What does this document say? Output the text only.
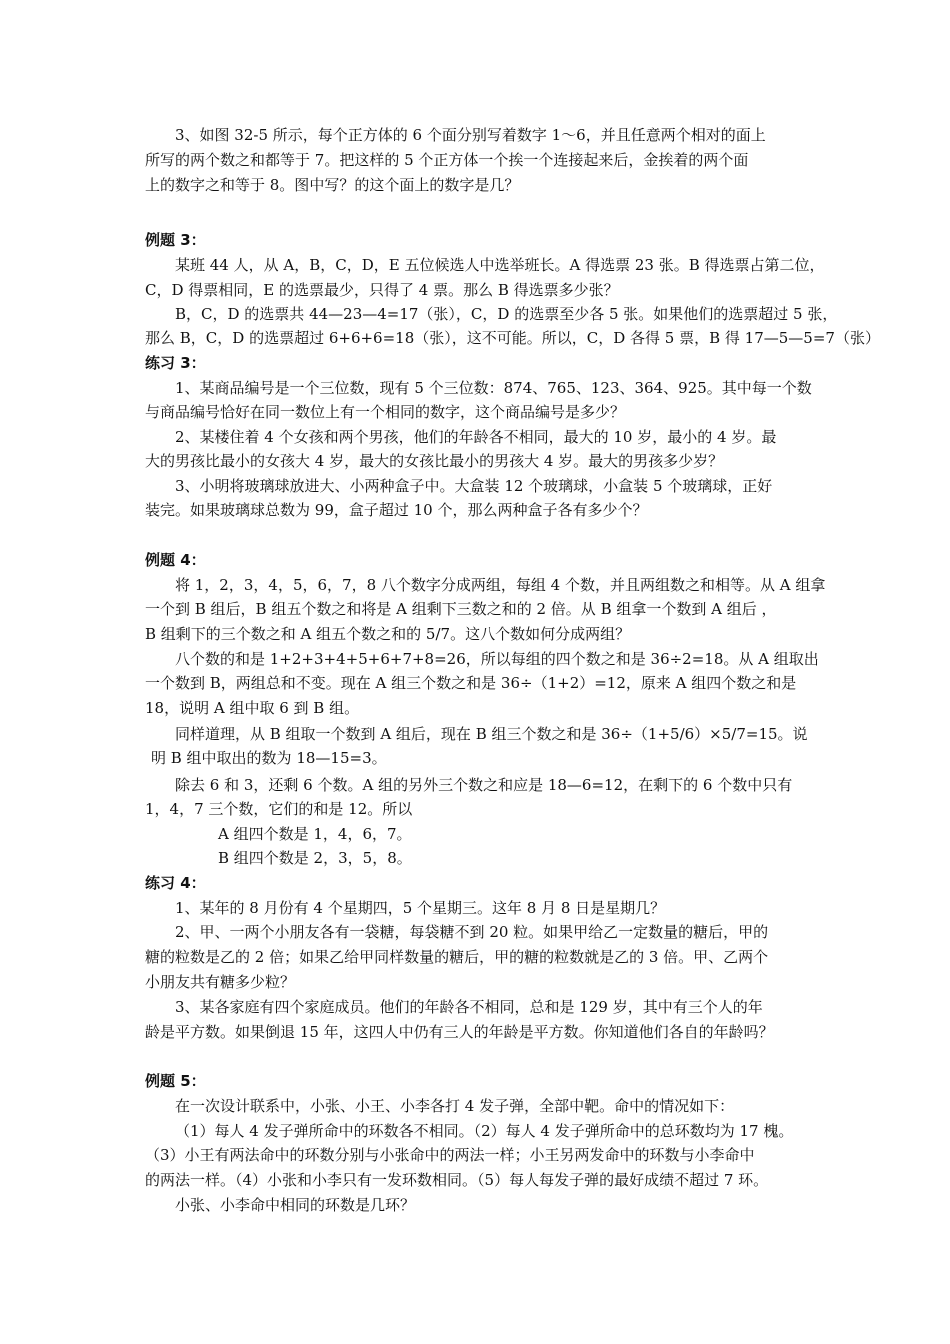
3、如图 32-5 所示，每个正方体的 6 个面分别写着数字 1～6，并且任意两个相对的面上
所写的两个数之和都等于 7。把这样的 5 个正方体一个挨一个连接起来后，金挨着的两个面
上的数字之和等于 8。图中写？的这个面上的数字是几？
例题 3：
某班 44 人，从 A，B，C，D，E 五位候选人中选举班长。A 得选票 23 张。B 得选票占第二位，
C，D 得票相同，E 的选票最少，只得了 4 票。那么 B 得选票多少张？
B，C，D 的选票共 44—23—4=17（张），C，D 的选票至少各 5 张。如果他们的选票超过 5 张，
那么 B，C，D 的选票超过 6+6+6=18（张），这不可能。所以，C，D 各得 5 票，B 得 17—5—5=7（张）
练习 3：
1、某商品编号是一个三位数，现有 5 个三位数：874、765、123、364、925。其中每一个数
与商品编号恰好在同一数位上有一个相同的数字，这个商品编号是多少？
2、某楼住着 4 个女孩和两个男孩，他们的年龄各不相同，最大的 10 岁，最小的 4 岁。最
大的男孩比最小的女孩大 4 岁，最大的女孩比最小的男孩大 4 岁。最大的男孩多少岁？
3、小明将玻璃球放进大、小两种盒子中。大盒装 12 个玻璃球，小盒装 5 个玻璃球，正好
装完。如果玻璃球总数为 99，盒子超过 10 个，那么两种盒子各有多少个？
例题 4：
将 1，2，3，4，5，6，7，8 八个数字分成两组，每组 4 个数，并且两组数之和相等。从 A 组拿
一个到 B 组后，B 组五个数之和将是 A 组剩下三数之和的 2 倍。从 B 组拿一个数到 A 组后 ，
B 组剩下的三个数之和 A 组五个数之和的 5/7。这八个数如何分成两组？
八个数的和是 1+2+3+4+5+6+7+8=26，所以每组的四个数之和是 36÷2=18。从 A 组取出
一个数到 B，两组总和不变。现在 A 组三个数之和是 36÷（1+2）=12，原来 A 组四个数之和是
18，说明 A 组中取 6 到 B 组。
同样道理，从 B 组取一个数到 A 组后，现在 B 组三个数之和是 36÷（1+5/6）×5/7=15。说
明 B 组中取出的数为 18—15=3。
除去 6 和 3，还剩 6 个数。A 组的另外三个数之和应是 18—6=12，在剩下的 6 个数中只有
1，4，7 三个数，它们的和是 12。所以
A 组四个数是 1，4，6，7。
B 组四个数是 2，3，5，8。
练习 4：
1、某年的 8 月份有 4 个星期四，5 个星期三。这年 8 月 8 日是星期几？
2、甲、一两个小朋友各有一袋糖，每袋糖不到 20 粒。如果甲给乙一定数量的糖后，甲的
糖的粒数是乙的 2 倍；如果乙给甲同样数量的糖后，甲的糖的粒数就是乙的 3 倍。甲、乙两个
小朋友共有糖多少粒？
3、某各家庭有四个家庭成员。他们的年龄各不相同，总和是 129 岁，其中有三个人的年
龄是平方数。如果倒退 15 年，这四人中仍有三人的年龄是平方数。你知道他们各自的年龄吗？
例题 5：
在一次设计联系中，小张、小王、小李各打 4 发子弹，全部中靶。命中的情况如下：
（1）每人 4 发子弹所命中的环数各不相同。（2）每人 4 发子弹所命中的总环数均为 17 槐。
（3）小王有两法命中的环数分别与小张命中的两法一样；小王另两发命中的环数与小李命中
的两法一样。（4）小张和小李只有一发环数相同。（5）每人每发子弹的最好成绩不超过 7 环。
小张、小李命中相同的环数是几环？
